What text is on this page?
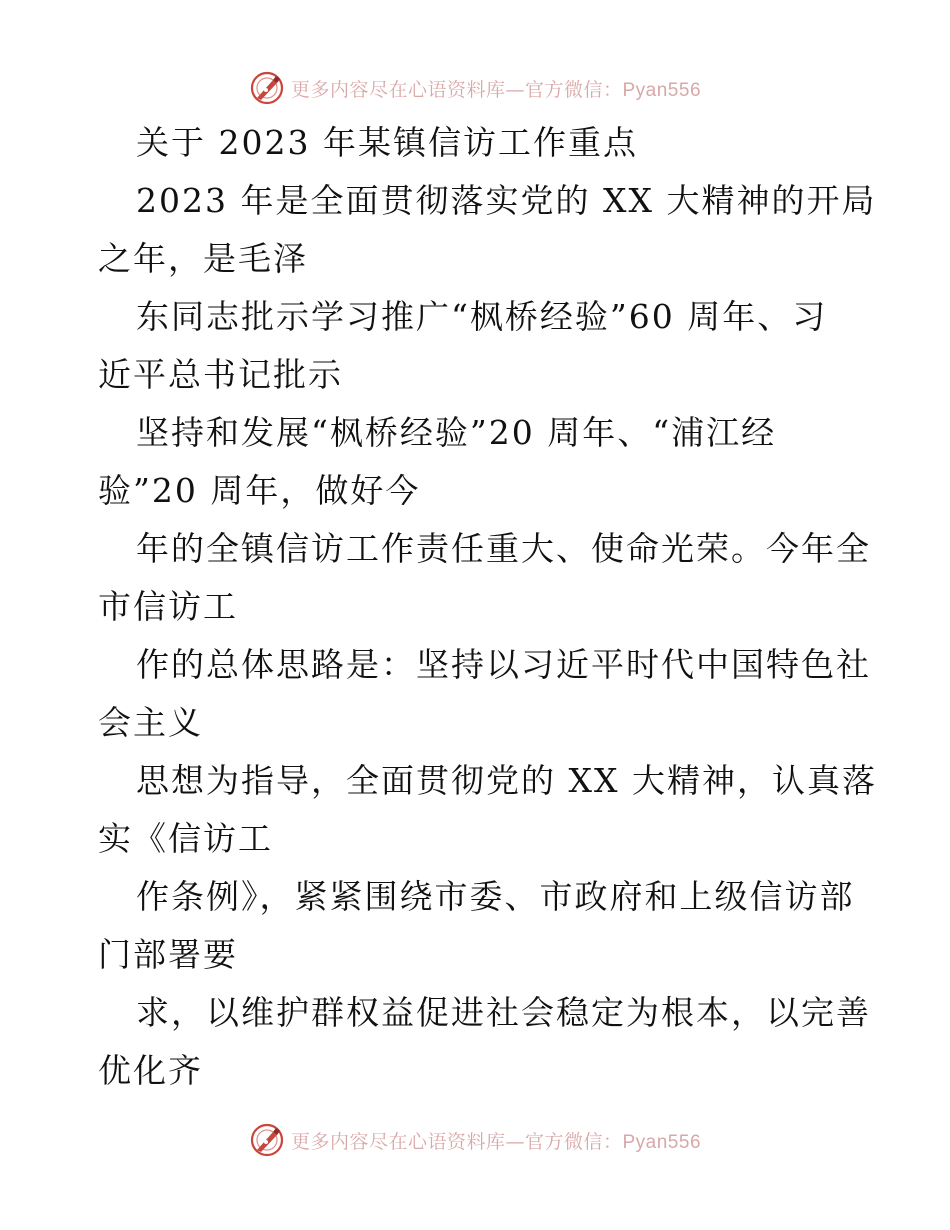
更多内容尽在心语资料库—官方微信：Pyan556
关于 2023 年某镇信访工作重点
2023 年是全面贯彻落实党的 XX 大精神的开局
之年，是毛泽
东同志批示学习推广“枫桥经验”60 周年、习
近平总书记批示
坚持和发展“枫桥经验”20 周年、“浦江经
验”20 周年，做好今
年的全镇信访工作责任重大、使命光荣。今年全
市信访工
作的总体思路是：坚持以习近平时代中国特色社
会主义
思想为指导，全面贯彻党的 XX 大精神，认真落
实《信访工
作条例》，紧紧围绕市委、市政府和上级信访部
门部署要
求，以维护群权益促进社会稳定为根本，以完善
优化齐
更多内容尽在心语资料库—官方微信：Pyan556
